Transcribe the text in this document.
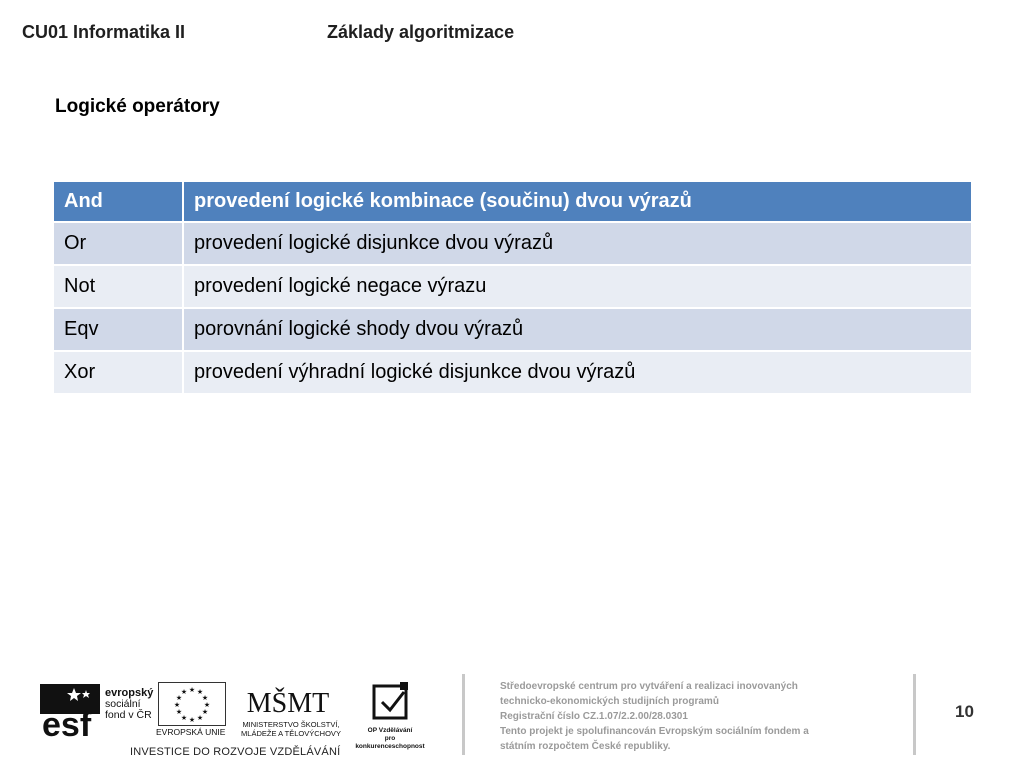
CU01 Informatika II	Základy algoritmizace
Logické operátory
And	provedení logické kombinace (součinu) dvou výrazů
Or	provedení logické disjunkce dvou výrazů
Not	provedení logické negace výrazu
Eqv	porovnání logické shody dvou výrazů
Xor	provedení výhradní logické disjunkce dvou výrazů
esf
evropský
sociální
fond v ČR
★ ★
★
★
★
★
★
★
★
★
★
★
EVROPSKÁ UNIE
MŠMT
MINISTERSTVO ŠKOLSTVÍ,
MLÁDEŽE A TĚLOVÝCHOVY	OP Vzdělávání
pro konkurenceschopnost
INVESTICE DO ROZVOJE VZDĚLÁVÁNÍ
Středoevropské centrum pro vytváření a realizaci inovovaných
technicko-ekonomických studijních programů
Registrační číslo CZ.1.07/2.2.00/28.0301
Tento projekt je spolufinancován Evropským sociálním fondem a
státním rozpočtem České republiky.
10
